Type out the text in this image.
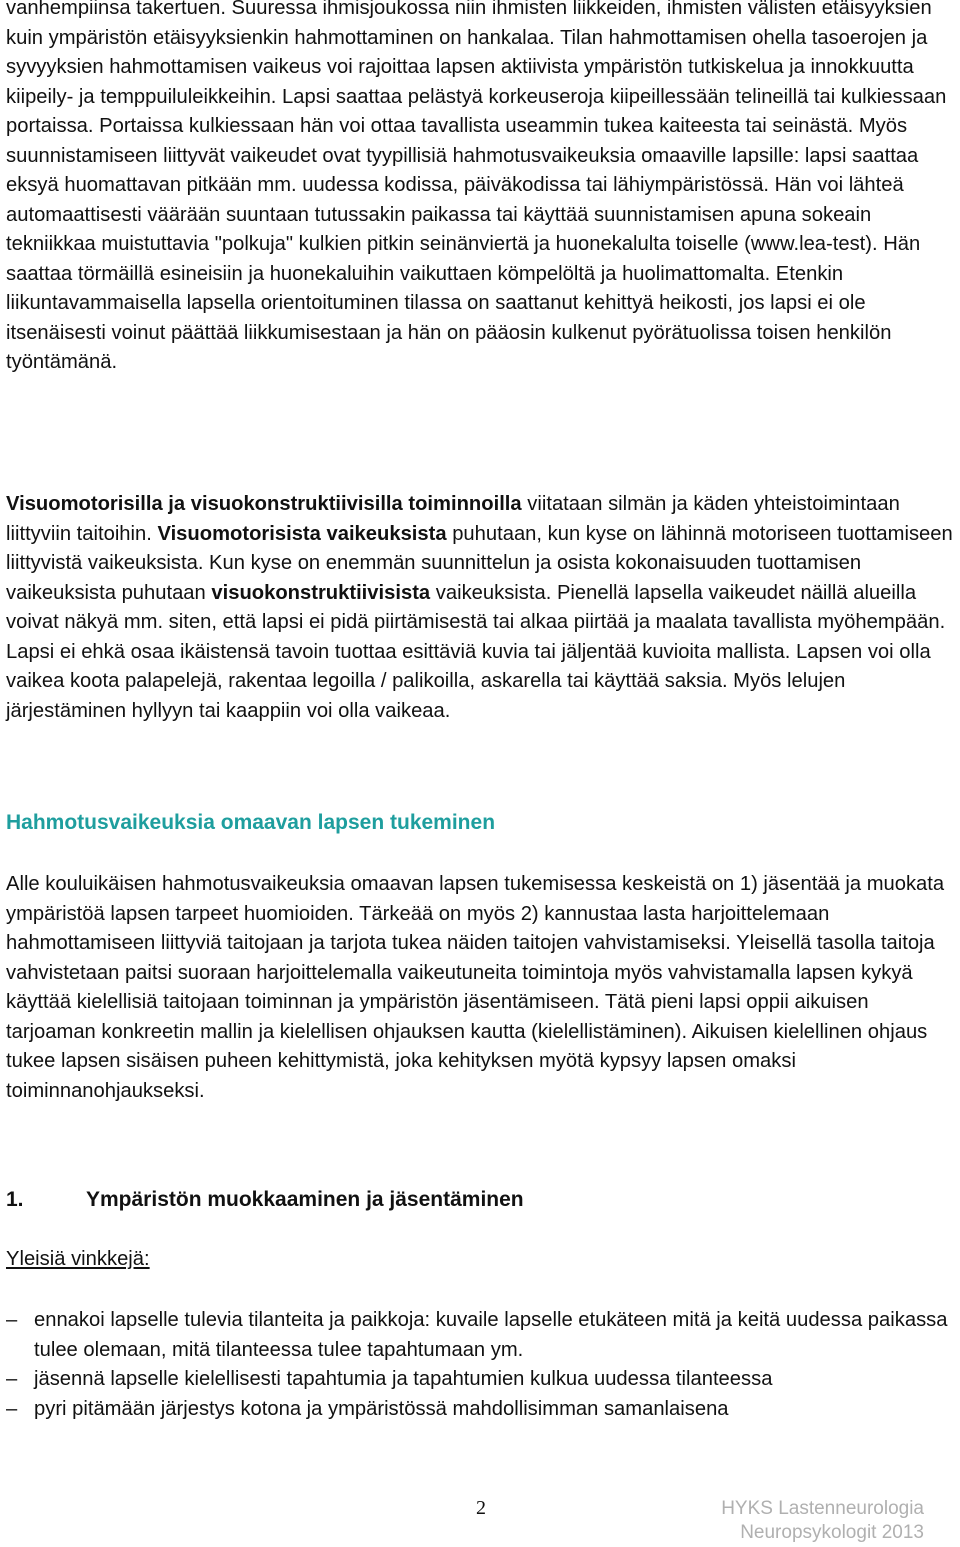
vanhempiinsa takertuen. Suuressa ihmisjoukossa niin ihmisten liikkeiden, ihmisten välisten etäisyyksien kuin ympäristön etäisyyksienkin hahmottaminen on hankalaa. Tilan hahmottamisen ohella tasoerojen ja syvyyksien hahmottamisen vaikeus voi rajoittaa lapsen aktiivista ympäristön tutkiskelua ja innokkuutta kiipeily- ja temppuiluleikkeihin. Lapsi saattaa pelästyä korkeuseroja kiipeillessään telineillä tai kulkiessaan portaissa. Portaissa kulkiessaan hän voi ottaa tavallista useammin tukea kaiteesta tai seinästä. Myös suunnistamiseen liittyvät vaikeudet ovat tyypillisiä hahmotusvaikeuksia omaaville lapsille: lapsi saattaa eksyä huomattavan pitkään mm. uudessa kodissa, päiväkodissa tai lähiympäristössä. Hän voi lähteä automaattisesti väärään suuntaan tutussakin paikassa tai käyttää suunnistamisen apuna sokeain tekniikkaa muistuttavia "polkuja" kulkien pitkin seinänviertä ja huonekalulta toiselle (www.lea-test). Hän saattaa törmäillä esineisiin ja huonekaluihin vaikuttaen kömpelöltä ja huolimattomalta. Etenkin liikuntavammaisella lapsella orientoituminen tilassa on saattanut kehittyä heikosti, jos lapsi ei ole itsenäisesti voinut päättää liikkumisestaan ja hän on pääosin kulkenut pyörätuolissa toisen henkilön työntämänä.

Visuomotorisilla ja visuokonstruktiivisilla toiminnoilla viitataan silmän ja käden yhteistoimintaan liittyviin taitoihin. Visuomotorisista vaikeuksista puhutaan, kun kyse on lähinnä motoriseen tuottamiseen liittyvistä vaikeuksista. Kun kyse on enemmän suunnittelun ja osista kokonaisuuden tuottamisen vaikeuksista puhutaan visuokonstruktiivisista vaikeuksista. Pienellä lapsella vaikeudet näillä alueilla voivat näkyä mm. siten, että lapsi ei pidä piirtämisestä tai alkaa piirtää ja maalata tavallista myöhempään. Lapsi ei ehkä osaa ikäistensä tavoin tuottaa esittäviä kuvia tai jäljentää kuvioita mallista. Lapsen voi olla vaikea koota palapelejä, rakentaa legoilla / palikoilla, askarella tai käyttää saksia. Myös lelujen järjestäminen hyllyyn tai kaappiin voi olla vaikeaa.

Hahmotusvaikeuksia omaavan lapsen tukeminen

Alle kouluikäisen hahmotusvaikeuksia omaavan lapsen tukemisessa keskeistä on 1) jäsentää ja muokata ympäristöä lapsen tarpeet huomioiden. Tärkeää on myös 2) kannustaa lasta harjoittelemaan hahmottamiseen liittyviä taitojaan ja tarjota tukea näiden taitojen vahvistamiseksi. Yleisellä tasolla taitoja vahvistetaan paitsi suoraan harjoittelemalla vaikeutuneita toimintoja myös vahvistamalla lapsen kykyä käyttää kielellisiä taitojaan toiminnan ja ympäristön jäsentämiseen. Tätä pieni lapsi oppii aikuisen tarjoaman konkreetin mallin ja kielellisen ohjauksen kautta (kielellistäminen). Aikuisen kielellinen ohjaus tukee lapsen sisäisen puheen kehittymistä, joka kehityksen myötä kypsyy lapsen omaksi toiminnanohjaukseksi.

1.	Ympäristön muokkaaminen ja jäsentäminen

Yleisiä vinkkejä:

– ennakoi lapselle tulevia tilanteita ja paikkoja: kuvaile lapselle etukäteen mitä ja keitä uudessa paikassa tulee olemaan, mitä tilanteessa tulee tapahtumaan ym.
– jäsennä lapselle kielellisesti tapahtumia ja tapahtumien kulkua uudessa tilanteessa
– pyri pitämään järjestys kotona ja ympäristössä mahdollisimman samanlaisena

2	HYKS Lastenneurologia
Neuropsykologit 2013
